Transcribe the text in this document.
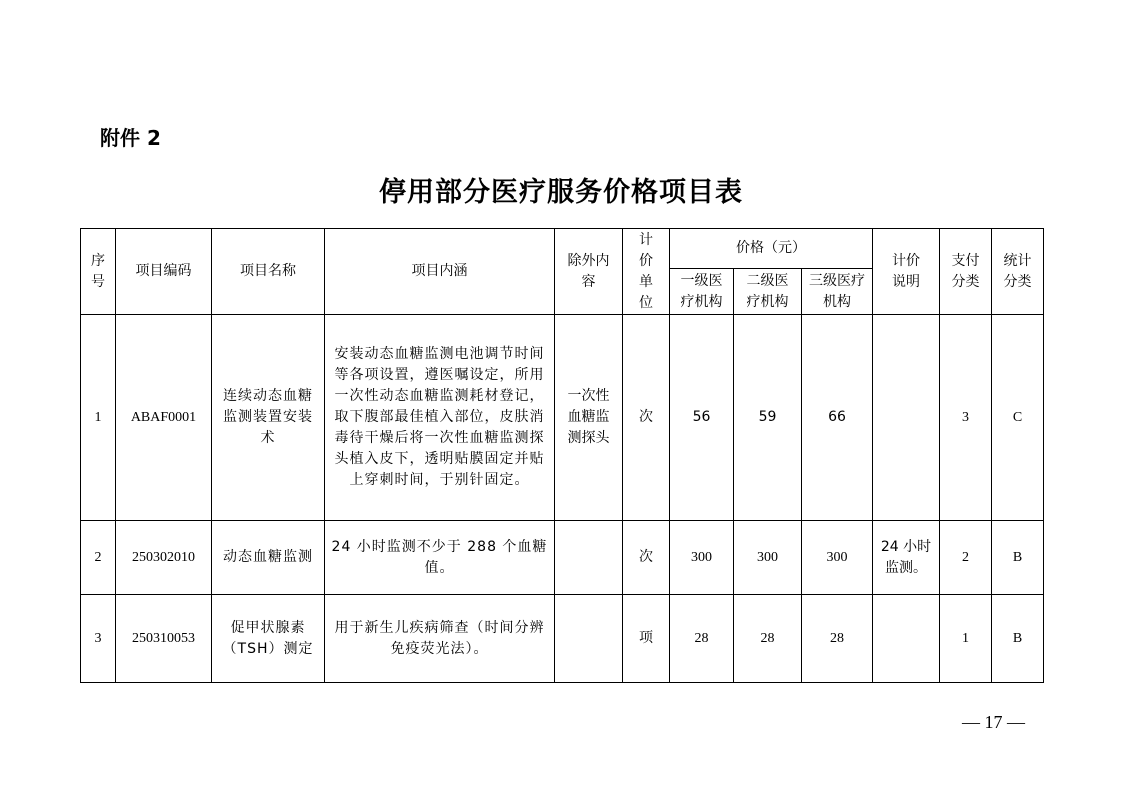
附件 2
停用部分医疗服务价格项目表
序号	项目编码	项目名称	项目内涵	除外内容	计价单位	价格（元）			计价说明	支付分类	统计分类
						一级医疗机构	二级医疗机构	三级医疗机构			
1	ABAF0001	连续动态血糖监测装置安装术	安装动态血糖监测电池调节时间等各项设置，遵医嘱设定，所用一次性动态血糖监测耗材登记，取下腹部最佳植入部位，皮肤消毒待干燥后将一次性血糖监测探头植入皮下，透明贴膜固定并贴上穿刺时间，于别针固定。	一次性血糖监测探头	次	56	59	66		3	C
2	250302010	动态血糖监测	24 小时监测不少于 288 个血糖值。		次	300	300	300	24 小时监测。	2	B
3	250310053	促甲状腺素（TSH）测定	用于新生儿疾病筛查（时间分辨免疫荧光法）。		项	28	28	28		1	B
— 17 —
